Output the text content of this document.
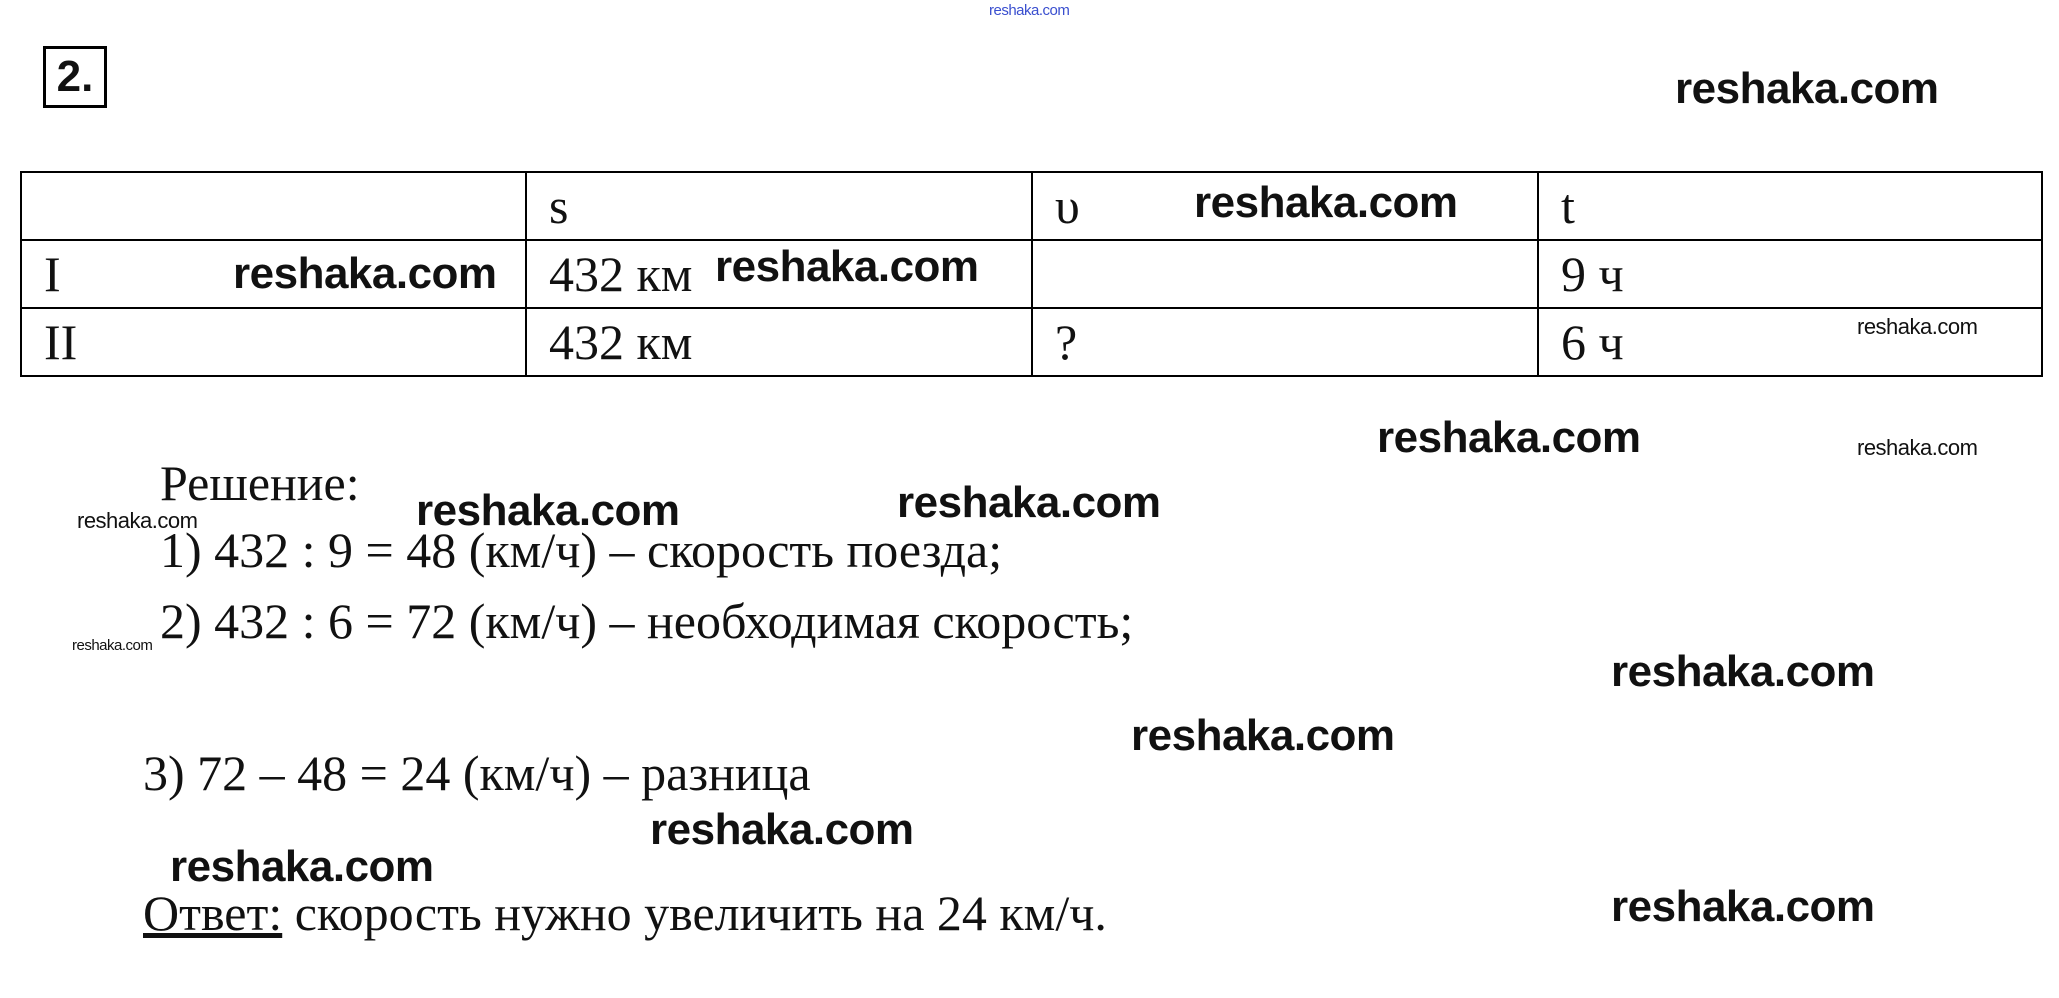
2.
	s	υ	t
I	432 км		9 ч
II	432 км	?	6 ч
Решение:
1) 432 : 9 = 48 (км/ч) – скорость поезда;
2) 432 : 6 = 72 (км/ч) – необходимая скорость;
3) 72 – 48 = 24 (км/ч) – разница
Ответ: скорость нужно увеличить на 24 км/ч.
reshaka.com
reshaka.com
reshaka.com
reshaka.com	reshaka.com
reshaka.com
reshaka.com	reshaka.com
reshaka.com	reshaka.com
reshaka.com
reshaka.com
reshaka.com
reshaka.com
reshaka.com
reshaka.com
reshaka.com
